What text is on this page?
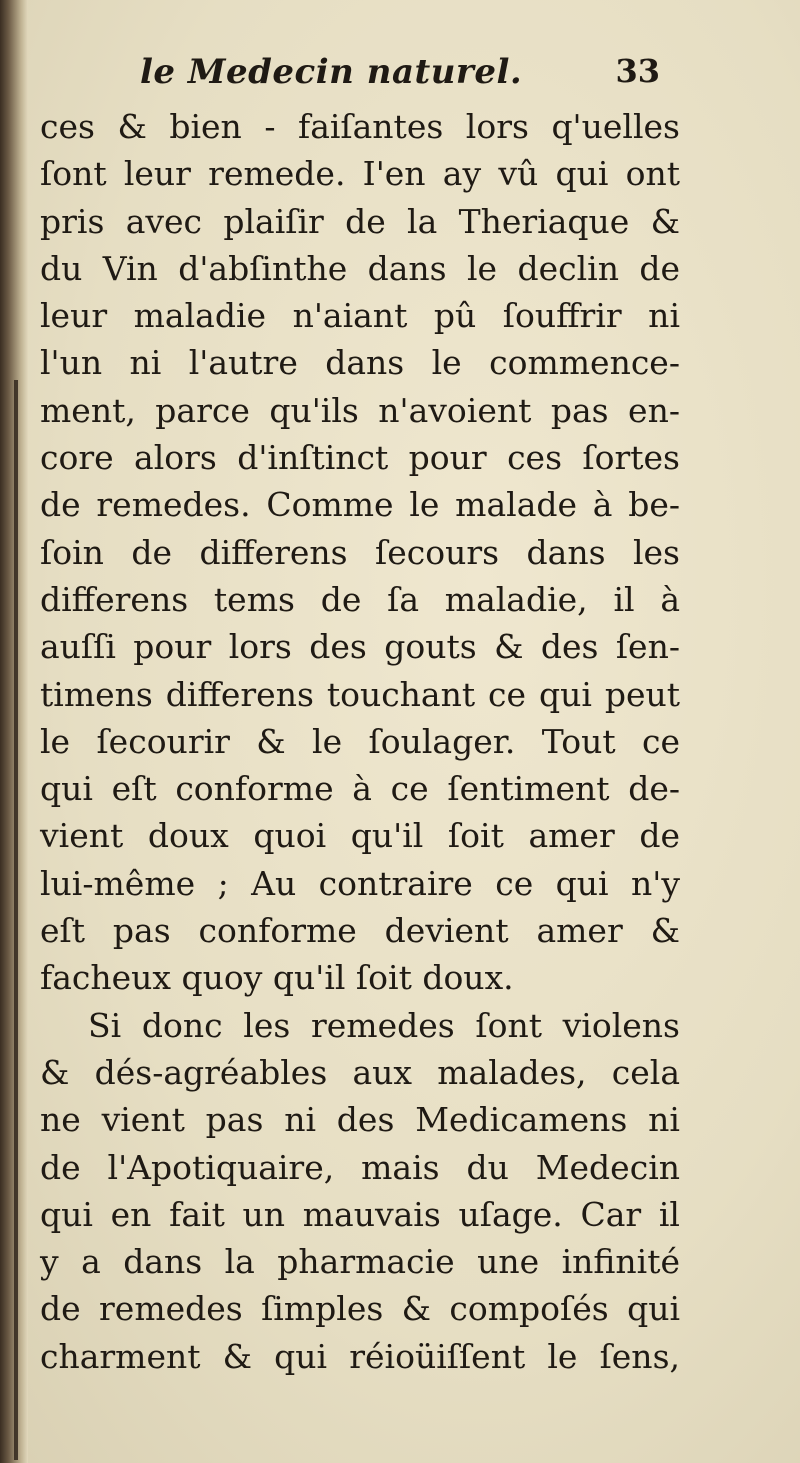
le Medecin naturel.	33
ces & bien - faiſantes lors q'uelles
ſont leur remede. I'en ay vû qui ont
pris avec plaiſir de la Theriaque &
du Vin d'abſinthe dans le declin de
leur maladie n'aiant pû ſouffrir ni
l'un ni l'autre dans le commence-
ment, parce qu'ils n'avoient pas en-
core alors d'inſtinct pour ces ſortes
de remedes. Comme le malade à be-
ſoin de differens ſecours dans les
differens tems de ſa maladie, il à
auſſi pour lors des gouts & des ſen-
timens differens touchant ce qui peut
le ſecourir & le ſoulager. Tout ce
qui eſt conforme à ce ſentiment de-
vient doux quoi qu'il ſoit amer de
lui-même ; Au contraire ce qui n'y
eſt pas conforme devient amer &
facheux quoy qu'il ſoit doux.
Si donc les remedes ſont violens
& dés-agréables aux malades, cela
ne vient pas ni des Medicamens ni
de l'Apotiquaire, mais du Medecin
qui en fait un mauvais uſage. Car il
y a dans la pharmacie une infinité
de remedes ſimples & compoſés qui
charment & qui réioüiſſent le ſens,
